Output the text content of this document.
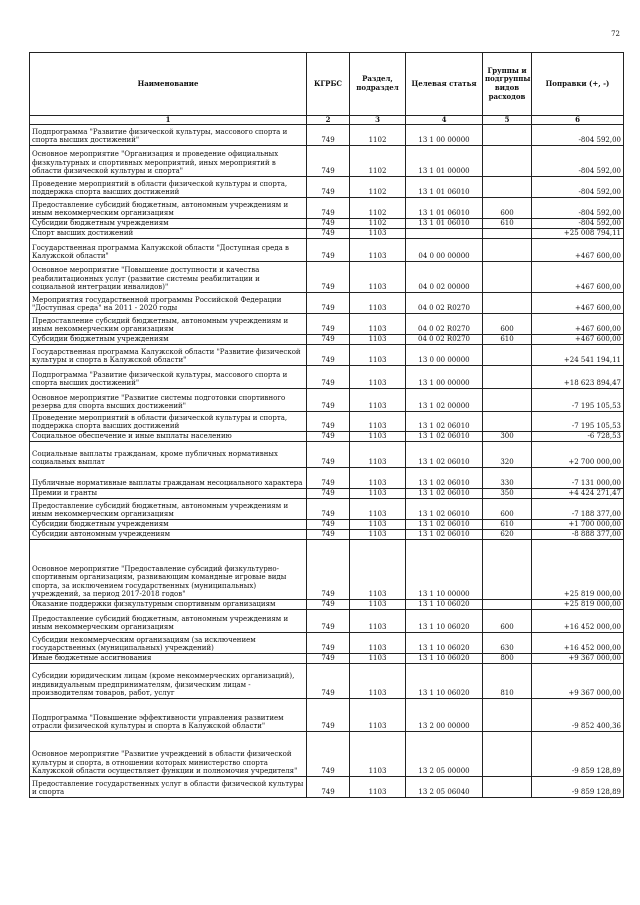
72
Наименование	КГРБС	Раздел, подраздел	Целевая статья	Группы и подгруппы видов расходов	Поправки (+, -)
1	2	3	4	5	6
Подпрограмма "Развитие физической культуры, массового спорта и спорта высших достижений"	749	1102	13 1 00 00000		-804 592,00
Основное мероприятие "Организация и проведение официальных физкультурных и спортивных мероприятий, иных мероприятий в области физической культуры и спорта"	749	1102	13 1 01 00000		-804 592,00
Проведение мероприятий в области физической культуры и спорта, поддержка спорта высших достижений	749	1102	13 1 01 06010		-804 592,00
Предоставление субсидий бюджетным, автономным учреждениям и иным некоммерческим организациям	749	1102	13 1 01 06010	600	-804 592,00
Субсидии бюджетным учреждениям	749	1102	13 1 01 06010	610	-804 592,00
Спорт высших достижений	749	1103			+25 008 794,11
Государственная программа Калужской области "Доступная среда в Калужской области"	749	1103	04 0 00 00000		+467 600,00
Основное мероприятие "Повышение доступности и качества реабилитационных услуг (развитие системы реабилитации и социальной интеграции инвалидов)"	749	1103	04 0 02 00000		+467 600,00
Мероприятия государственной программы Российской Федерации "Доступная среда" на 2011 - 2020 годы	749	1103	04 0 02 R0270		+467 600,00
Предоставление субсидий бюджетным, автономным учреждениям и иным некоммерческим организациям	749	1103	04 0 02 R0270	600	+467 600,00
Субсидии бюджетным учреждениям	749	1103	04 0 02 R0270	610	+467 600,00
Государственная программа Калужской области "Развитие физической культуры и спорта в Калужской области"	749	1103	13 0 00 00000		+24 541 194,11
Подпрограмма "Развитие физической культуры, массового спорта и спорта высших достижений"	749	1103	13 1 00 00000		+18 623 894,47
Основное мероприятие "Развитие системы подготовки спортивного резерва для спорта высших достижений"	749	1103	13 1 02 00000		-7 195 105,53
Проведение мероприятий в области физической культуры и спорта, поддержка спорта высших достижений	749	1103	13 1 02 06010		-7 195 105,53
Социальное обеспечение и иные выплаты населению	749	1103	13 1 02 06010	300	-6 728,53
Социальные выплаты гражданам, кроме публичных нормативных социальных выплат	749	1103	13 1 02 06010	320	+2 700 000,00
Публичные нормативные выплаты гражданам несоциального характера	749	1103	13 1 02 06010	330	-7 131 000,00
Премии и гранты	749	1103	13 1 02 06010	350	+4 424 271,47
Предоставление субсидий бюджетным, автономным учреждениям и иным некоммерческим организациям	749	1103	13 1 02 06010	600	-7 188 377,00
Субсидии бюджетным учреждениям	749	1103	13 1 02 06010	610	+1 700 000,00
Субсидии автономным учреждениям	749	1103	13 1 02 06010	620	-8 888 377,00
Основное мероприятие "Предоставление субсидий физкультурно-спортивным организациям, развивающим командные игровые виды спорта, за исключением государственных (муниципальных) учреждений, за период 2017-2018 годов"	749	1103	13 1 10 00000		+25 819 000,00
Оказание поддержки физкультурным спортивным организациям	749	1103	13 1 10 06020		+25 819 000,00
Предоставление субсидий бюджетным, автономным учреждениям и иным некоммерческим организациям	749	1103	13 1 10 06020	600	+16 452 000,00
Субсидии некоммерческим организациям (за исключением государственных (муниципальных) учреждений)	749	1103	13 1 10 06020	630	+16 452 000,00
Иные бюджетные ассигнования	749	1103	13 1 10 06020	800	+9 367 000,00
Субсидии юридическим лицам (кроме некоммерческих организаций), индивидуальным предпринимателям, физическим лицам - производителям товаров, работ, услуг	749	1103	13 1 10 06020	810	+9 367 000,00
Подпрограмма "Повышение эффективности управления развитием отрасли физической культуры и спорта в Калужской области"	749	1103	13 2 00 00000		-9 852 400,36
Основное мероприятие "Развитие учреждений в области физической культуры и спорта, в отношении которых министерство спорта Калужской области осуществляет функции и полномочия учредителя"	749	1103	13 2 05 00000		-9 859 128,89
Предоставление государственных услуг в области физической культуры и спорта	749	1103	13 2 05 06040		-9 859 128,89
